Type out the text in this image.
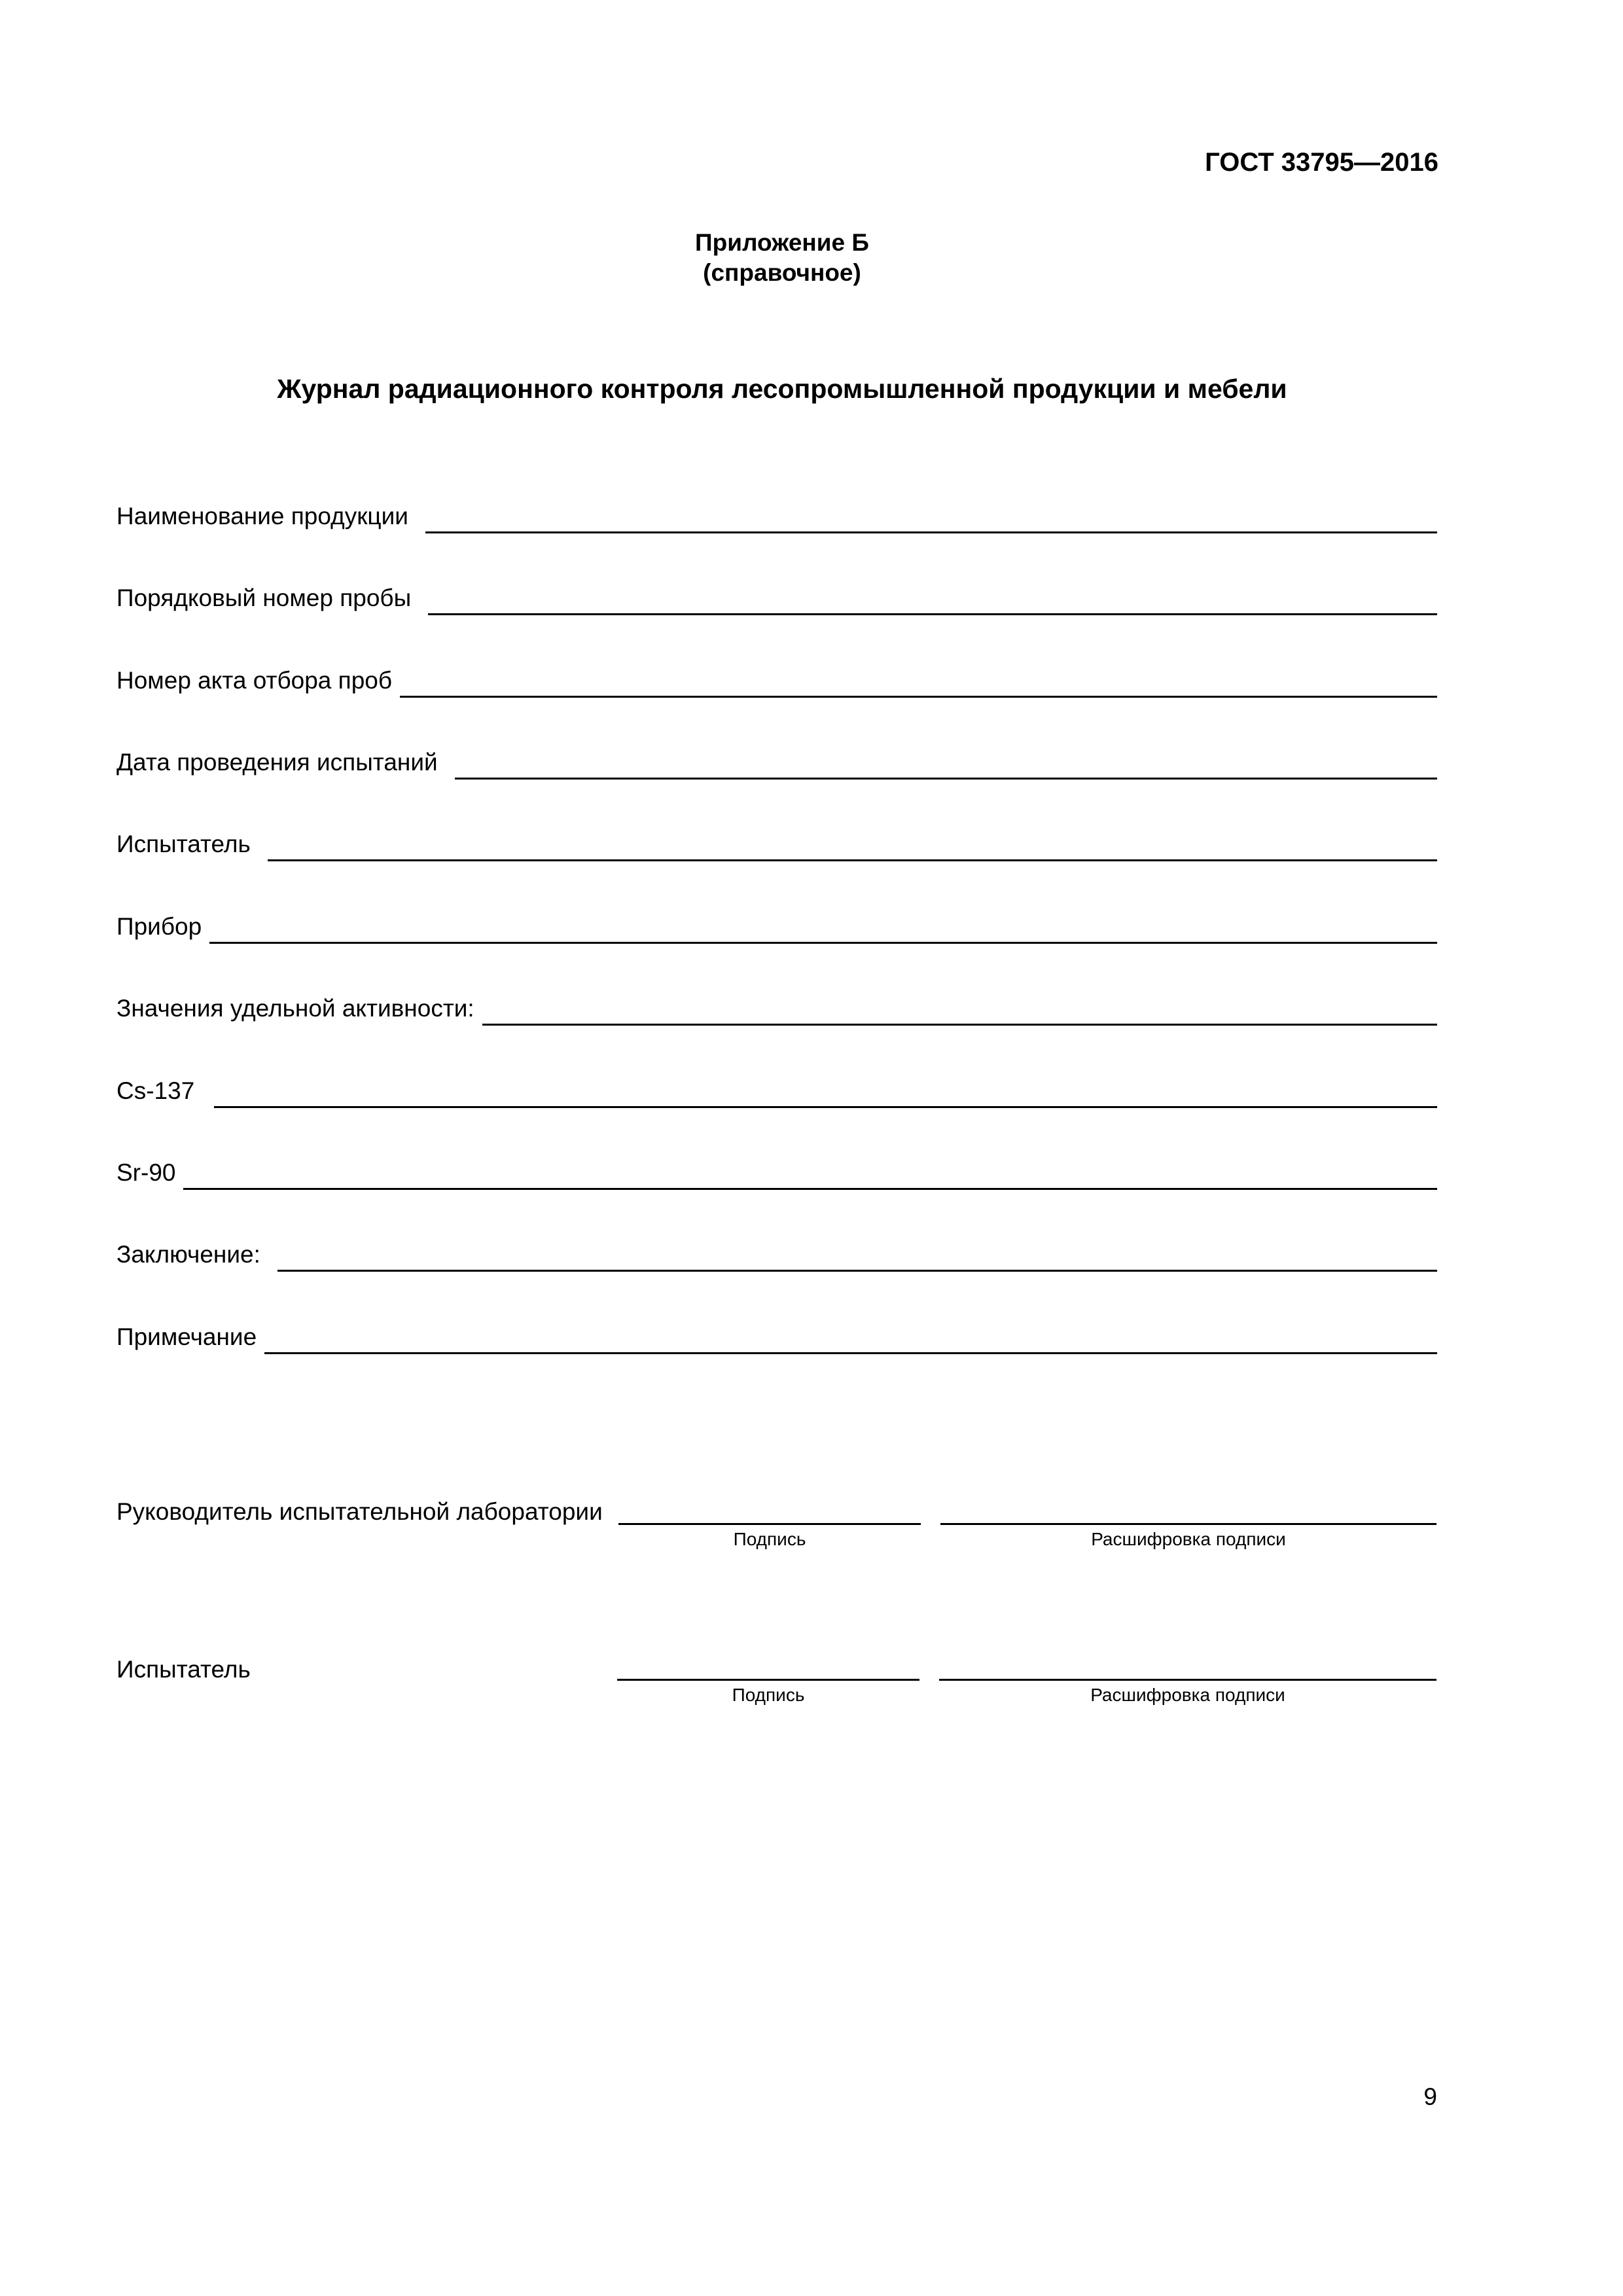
ГОСТ 33795—2016
Приложение Б
(справочное)
Журнал радиационного контроля лесопромышленной продукции и мебели
Наименование продукции
Порядковый номер пробы
Номер акта отбора проб
Дата проведения испытаний
Испытатель
Прибор
Значения удельной активности:
Cs-137
Sr-90
Заключение:
Примечание
Руководитель испытательной лаборатории
Подпись	Расшифровка подписи
Испытатель
Подпись	Расшифровка подписи
9
